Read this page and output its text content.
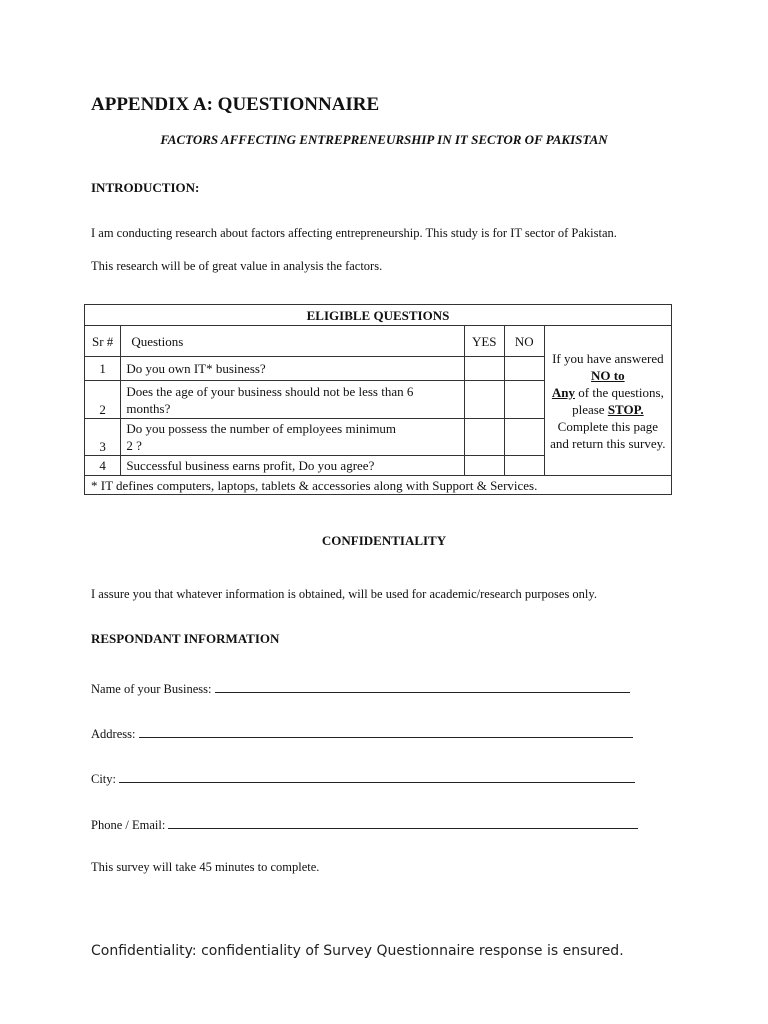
APPENDIX A: QUESTIONNAIRE
FACTORS AFFECTING ENTREPRENEURSHIP IN IT SECTOR OF PAKISTAN
INTRODUCTION:
I am conducting research about factors affecting entrepreneurship. This study is for IT sector of Pakistan.
This research will be of great value in analysis the factors.
ELIGIBLE QUESTIONS				
Sr #	Questions	YES	NO	If you have answered NO to
Any of the questions, please STOP. Complete this page and return this survey.
1	Do you own IT* business?			
2	Does the age of your business should not be less than 6 months?			
3	Do you possess the number of employees minimum 2 ?			
4	Successful business earns profit, Do you agree?			
* IT defines computers, laptops, tablets & accessories along with Support & Services.				
CONFIDENTIALITY
I assure you that whatever information is obtained, will be used for academic/research purposes only.
RESPONDANT INFORMATION
Name of your Business:
Address:
City:
Phone / Email:
This survey will take 45 minutes to complete.
Confidentiality: confidentiality of Survey Questionnaire response is ensured.
